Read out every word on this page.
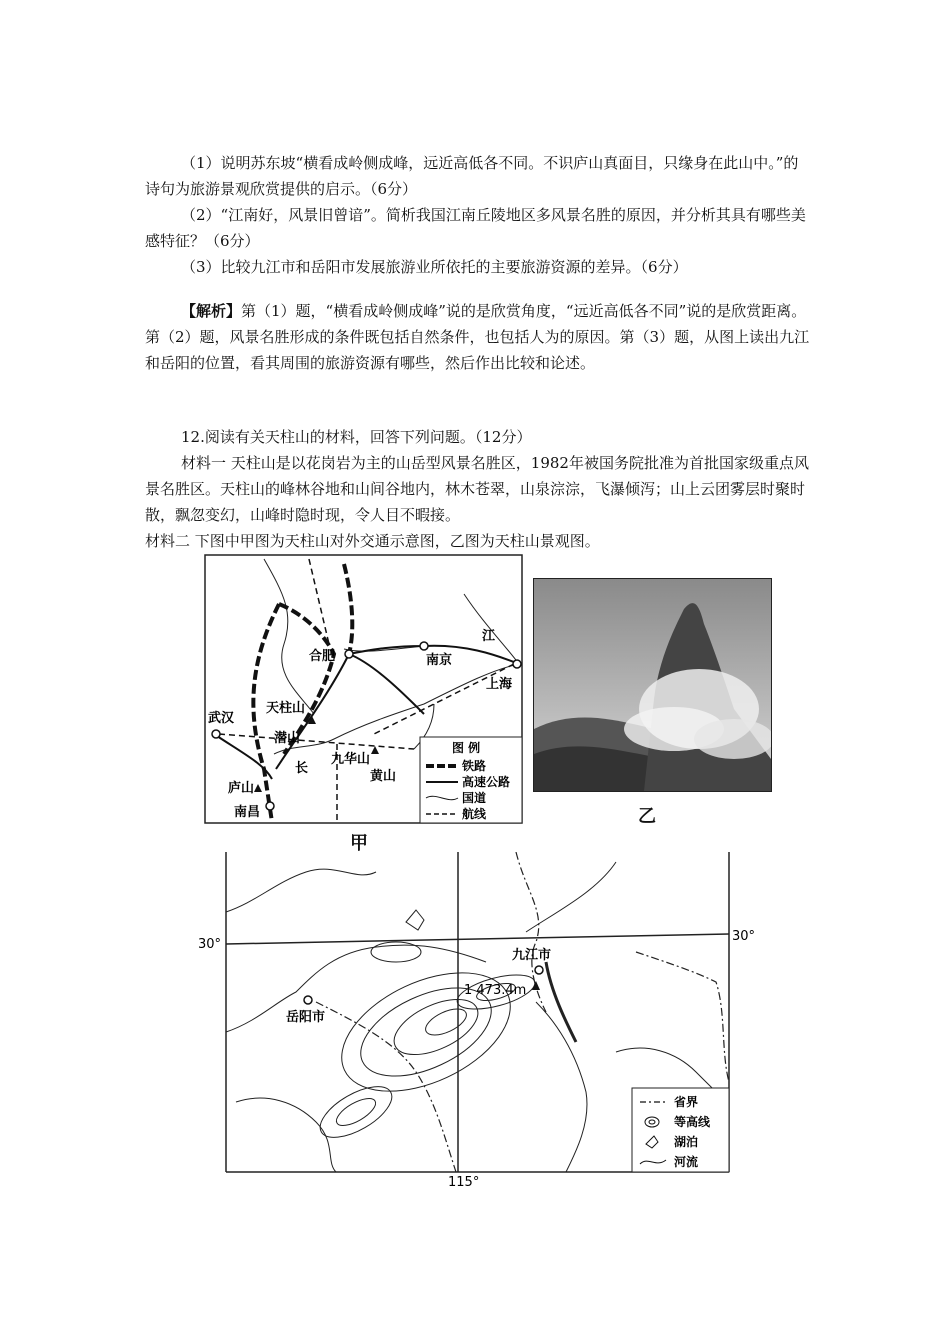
（1）说明苏东坡“横看成岭侧成峰，远近高低各不同。不识庐山真面目，只缘身在此山中。”的诗句为旅游景观欣赏提供的启示。（6分）

（2）“江南好，风景旧曾谙”。简析我国江南丘陵地区多风景名胜的原因，并分析其具有哪些美感特征？（6分）

（3）比较九江市和岳阳市发展旅游业所依托的主要旅游资源的差异。（6分）

【解析】第（1）题，“横看成岭侧成峰”说的是欣赏角度，“远近高低各不同”说的是欣赏距离。第（2）题，风景名胜形成的条件既包括自然条件，也包括人为的原因。第（3）题，从图上读出九江和岳阳的位置，看其周围的旅游资源有哪些，然后作出比较和论述。

12.阅读有关天柱山的材料，回答下列问题。（12分）

材料一 天柱山是以花岗岩为主的山岳型风景名胜区，1982年被国务院批准为首批国家级重点风景名胜区。天柱山的峰林谷地和山间谷地内，林木苍翠，山泉淙淙，飞瀑倾泻；山上云团雾层时聚时散，飘忽变幻，山峰时隐时现，令人目不暇接。

材料二 下图中甲图为天柱山对外交通示意图，乙图为天柱山景观图。

合肥	南京
上海
江
武汉
天柱山
潜山
九华山
黄山
长
庐山
南昌
图 例
铁路
高速公路
国道
航线
甲
乙
30°
30°
115°
九江市
岳阳市
1 473.4m
省界
等高线
湖泊
河流
